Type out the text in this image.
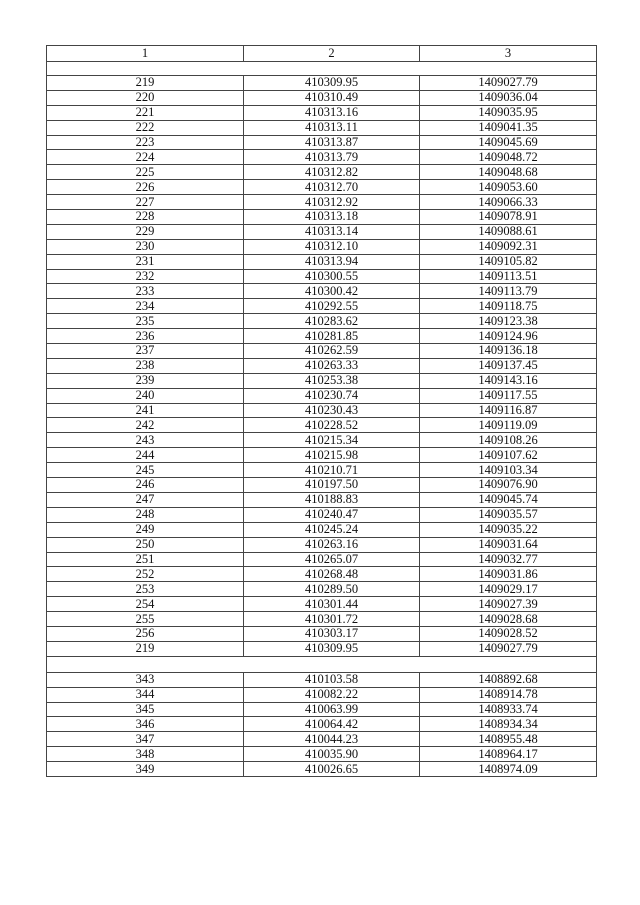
1	2	3

219	410309.95	1409027.79
220	410310.49	1409036.04
221	410313.16	1409035.95
222	410313.11	1409041.35
223	410313.87	1409045.69
224	410313.79	1409048.72
225	410312.82	1409048.68
226	410312.70	1409053.60
227	410312.92	1409066.33
228	410313.18	1409078.91
229	410313.14	1409088.61
230	410312.10	1409092.31
231	410313.94	1409105.82
232	410300.55	1409113.51
233	410300.42	1409113.79
234	410292.55	1409118.75
235	410283.62	1409123.38
236	410281.85	1409124.96
237	410262.59	1409136.18
238	410263.33	1409137.45
239	410253.38	1409143.16
240	410230.74	1409117.55
241	410230.43	1409116.87
242	410228.52	1409119.09
243	410215.34	1409108.26
244	410215.98	1409107.62
245	410210.71	1409103.34
246	410197.50	1409076.90
247	410188.83	1409045.74
248	410240.47	1409035.57
249	410245.24	1409035.22
250	410263.16	1409031.64
251	410265.07	1409032.77
252	410268.48	1409031.86
253	410289.50	1409029.17
254	410301.44	1409027.39
255	410301.72	1409028.68
256	410303.17	1409028.52
219	410309.95	1409027.79

343	410103.58	1408892.68
344	410082.22	1408914.78
345	410063.99	1408933.74
346	410064.42	1408934.34
347	410044.23	1408955.48
348	410035.90	1408964.17
349	410026.65	1408974.09
